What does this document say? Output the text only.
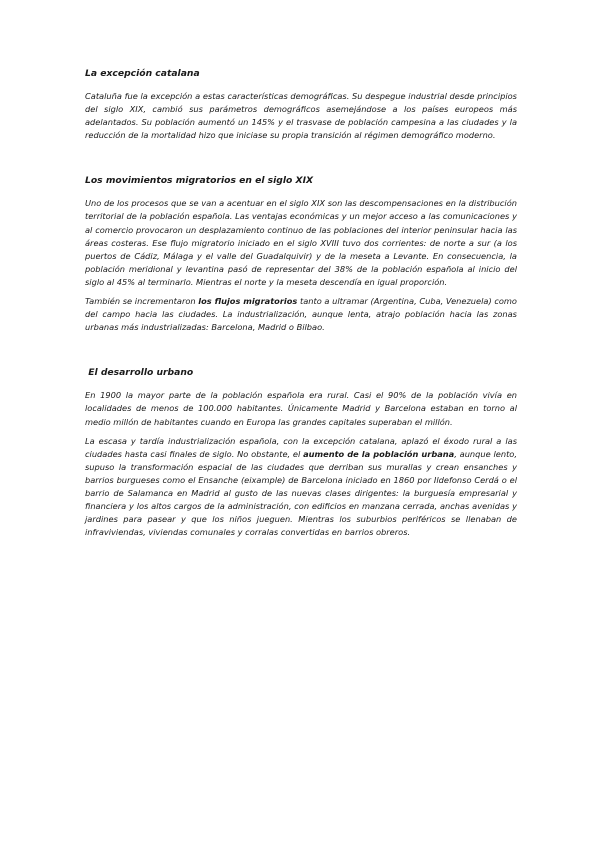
La excepción catalana

Cataluña fue la excepción a estas características demográficas. Su despegue industrial desde principios del siglo XIX, cambió sus parámetros demográficos asemejándose a los países europeos más adelantados. Su población aumentó un 145% y el trasvase de población campesina a las ciudades y la reducción de la mortalidad hizo que iniciase su propia transición al régimen demográfico moderno.

Los movimientos migratorios en el siglo XIX

Uno de los procesos que se van a acentuar en el siglo XIX son las descompensaciones en la distribución territorial de la población española. Las ventajas económicas y un mejor acceso a las comunicaciones y al comercio provocaron un desplazamiento continuo de las poblaciones del interior peninsular hacia las áreas costeras. Ese flujo migratorio iniciado en el siglo XVIII tuvo dos corrientes: de norte a sur (a los puertos de Cádiz, Málaga y el valle del Guadalquivir) y de la meseta a Levante. En consecuencia, la población meridional y levantina pasó de representar del 38% de la población española al inicio del siglo al 45% al terminarlo. Mientras el norte y la meseta descendía en igual proporción.

También se incrementaron los flujos migratorios tanto a ultramar (Argentina, Cuba, Venezuela) como del campo hacia las ciudades. La industrialización, aunque lenta, atrajo población hacia las zonas urbanas más industrializadas: Barcelona, Madrid o Bilbao.

El desarrollo urbano

En 1900 la mayor parte de la población española era rural. Casi el 90% de la población vivía en localidades de menos de 100.000 habitantes. Únicamente Madrid y Barcelona estaban en torno al medio millón de habitantes cuando en Europa las grandes capitales superaban el millón.

La escasa y tardía industrialización española, con la excepción catalana, aplazó el éxodo rural a las ciudades hasta casi finales de siglo. No obstante, el aumento de la población urbana, aunque lento, supuso la transformación espacial de las ciudades que derriban sus murallas y crean ensanches y barrios burgueses como el Ensanche (eixample) de Barcelona iniciado en 1860 por Ildefonso Cerdá o el barrio de Salamanca en Madrid al gusto de las nuevas clases dirigentes: la burguesía empresarial y financiera y los altos cargos de la administración, con edificios en manzana cerrada, anchas avenidas y jardines para pasear y que los niños jueguen. Mientras los suburbios periféricos se llenaban de infraviviendas, viviendas comunales y corralas convertidas en barrios obreros.
